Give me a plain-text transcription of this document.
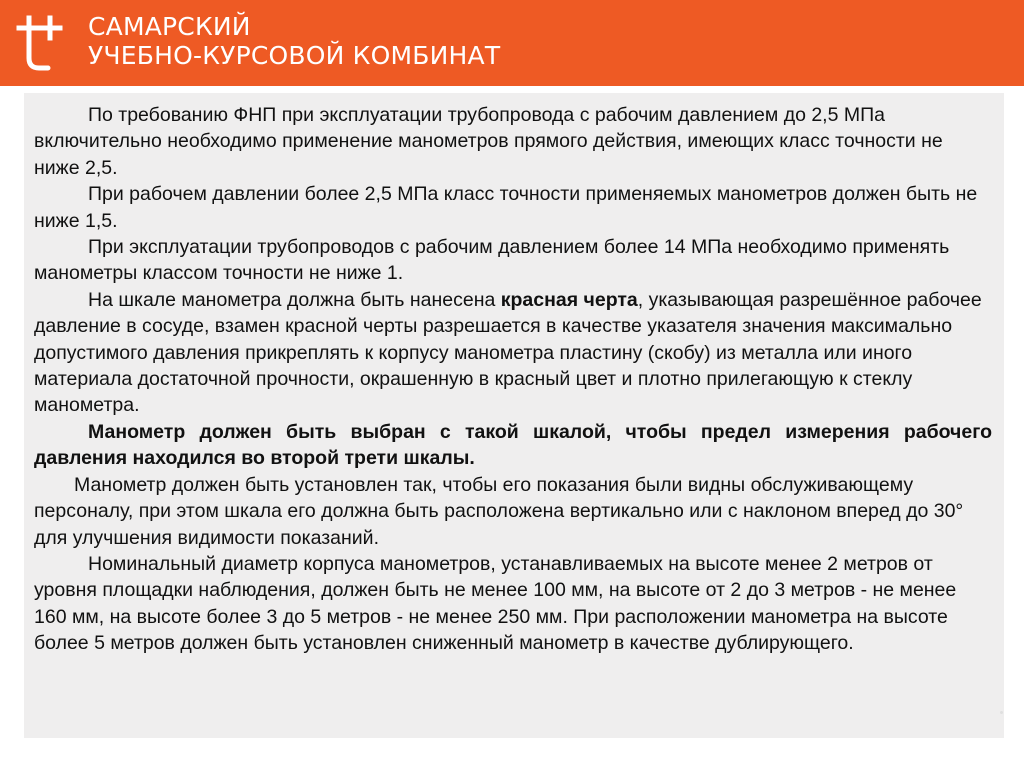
САМАРСКИЙ
УЧЕБНО-КУРСОВОЙ КОМБИНАТ

По требованию ФНП при эксплуатации трубопровода с рабочим давлением до 2,5 МПа включительно необходимо применение манометров прямого действия, имеющих класс точности не ниже 2,5.

При рабочем давлении более 2,5 МПа класс точности применяемых манометров должен быть не ниже 1,5.

При эксплуатации трубопроводов с рабочим давлением более 14 МПа необходимо применять манометры классом точности не ниже 1.

На шкале манометра должна быть нанесена красная черта, указывающая разрешённое рабочее давление в сосуде, взамен красной черты разрешается в качестве указателя значения максимально допустимого давления прикреплять к корпусу манометра пластину (скобу) из металла или иного материала достаточной прочности, окрашенную в красный цвет и плотно прилегающую к стеклу манометра.

Манометр должен быть выбран с такой шкалой, чтобы предел измерения рабочего давления находился во второй трети шкалы.

Манометр должен быть установлен так, чтобы его показания были видны обслуживающему персоналу, при этом шкала его должна быть расположена вертикально или с наклоном вперед до 30° для улучшения видимости показаний.

Номинальный диаметр корпуса манометров, устанавливаемых на высоте менее 2 метров от уровня площадки наблюдения, должен быть не менее 100 мм, на высоте от 2 до 3 метров - не менее 160 мм, на высоте более 3 до 5 метров - не менее 250 мм. При расположении манометра на высоте более 5 метров должен быть установлен сниженный манометр в качестве дублирующего.
